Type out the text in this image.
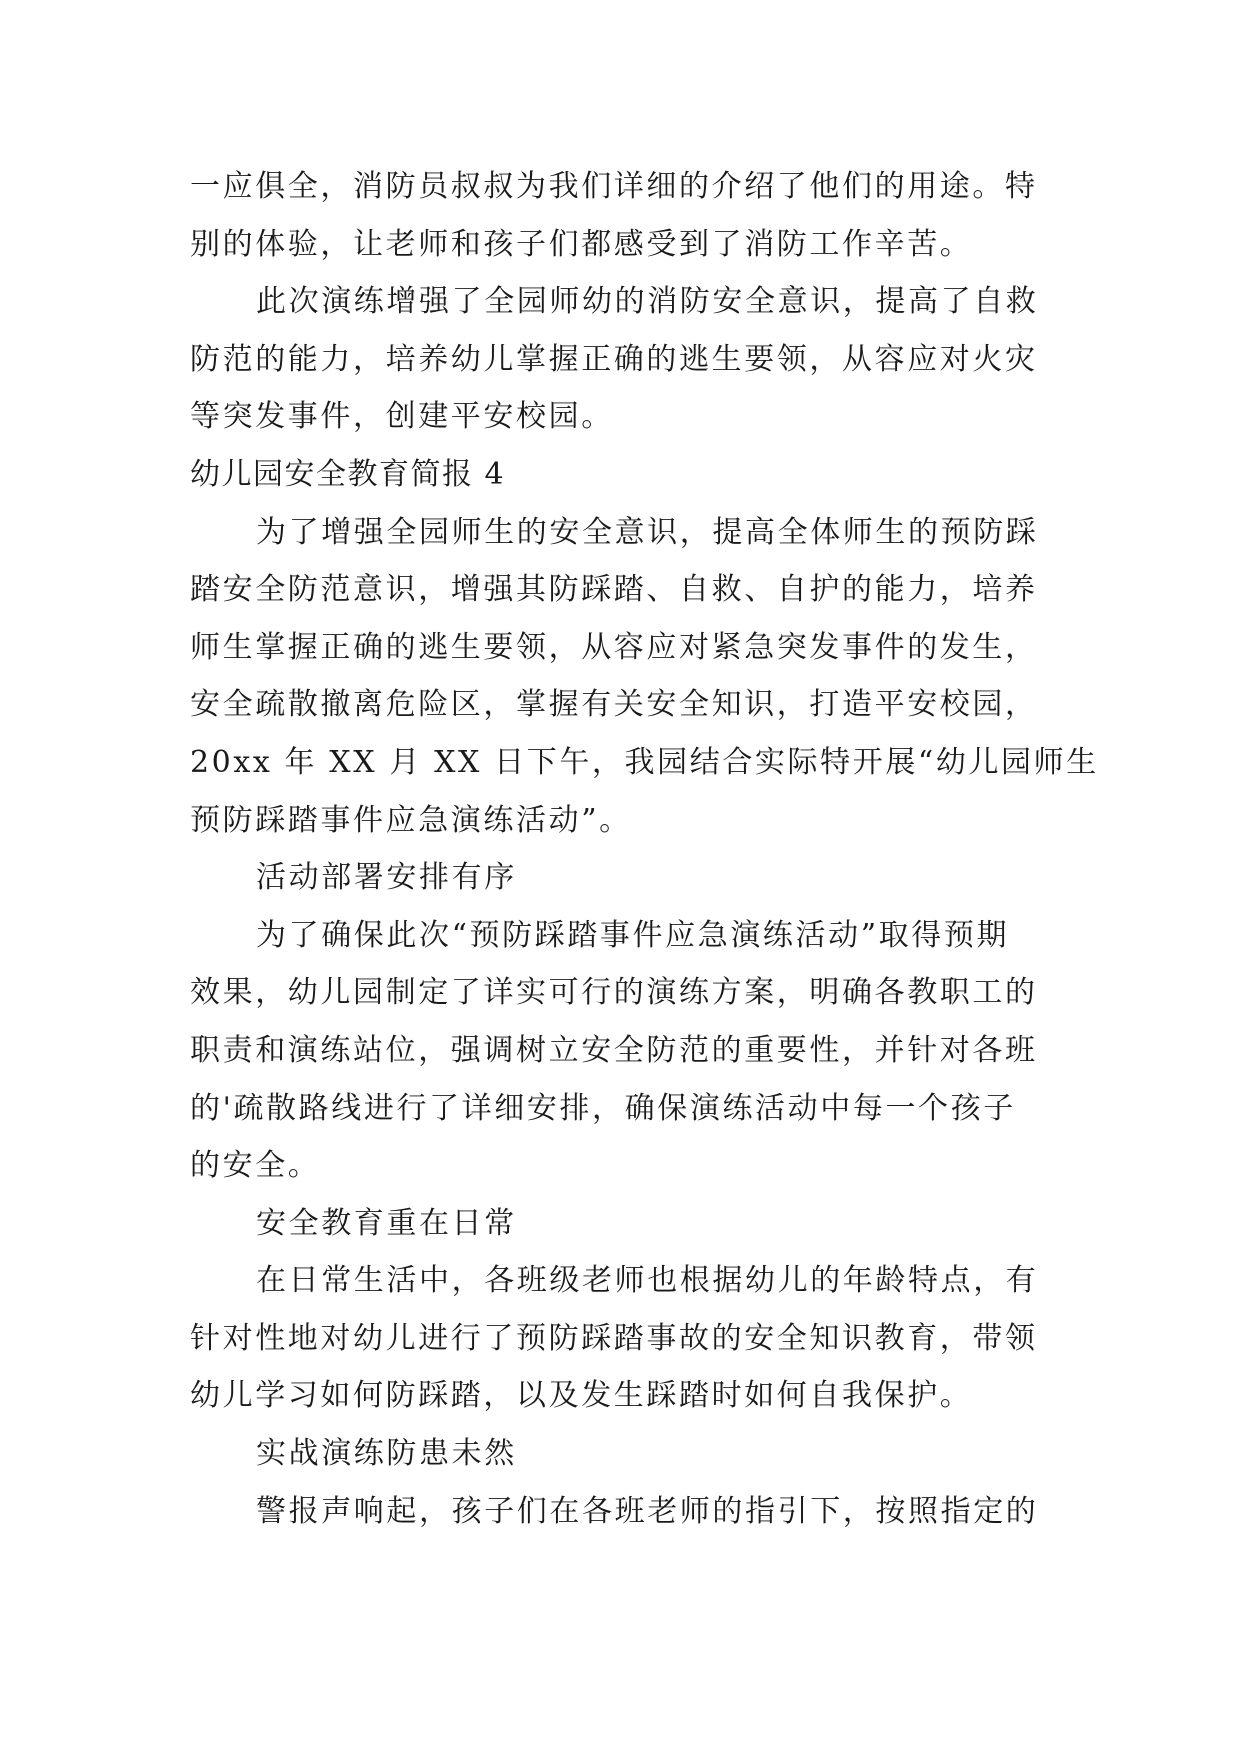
一应俱全，消防员叔叔为我们详细的介绍了他们的用途。特
别的体验，让老师和孩子们都感受到了消防工作辛苦。
此次演练增强了全园师幼的消防安全意识，提高了自救
防范的能力，培养幼儿掌握正确的逃生要领，从容应对火灾
等突发事件，创建平安校园。
幼儿园安全教育简报 4
为了增强全园师生的安全意识，提高全体师生的预防踩
踏安全防范意识，增强其防踩踏、自救、自护的能力，培养
师生掌握正确的逃生要领，从容应对紧急突发事件的发生，
安全疏散撤离危险区，掌握有关安全知识，打造平安校园，
20xx 年 XX 月 XX 日下午，我园结合实际特开展“幼儿园师生
预防踩踏事件应急演练活动”。
活动部署安排有序
为了确保此次“预防踩踏事件应急演练活动”取得预期
效果，幼儿园制定了详实可行的演练方案，明确各教职工的
职责和演练站位，强调树立安全防范的重要性，并针对各班
的'疏散路线进行了详细安排，确保演练活动中每一个孩子
的安全。
安全教育重在日常
在日常生活中，各班级老师也根据幼儿的年龄特点，有
针对性地对幼儿进行了预防踩踏事故的安全知识教育，带领
幼儿学习如何防踩踏，以及发生踩踏时如何自我保护。
实战演练防患未然
警报声响起，孩子们在各班老师的指引下，按照指定的
